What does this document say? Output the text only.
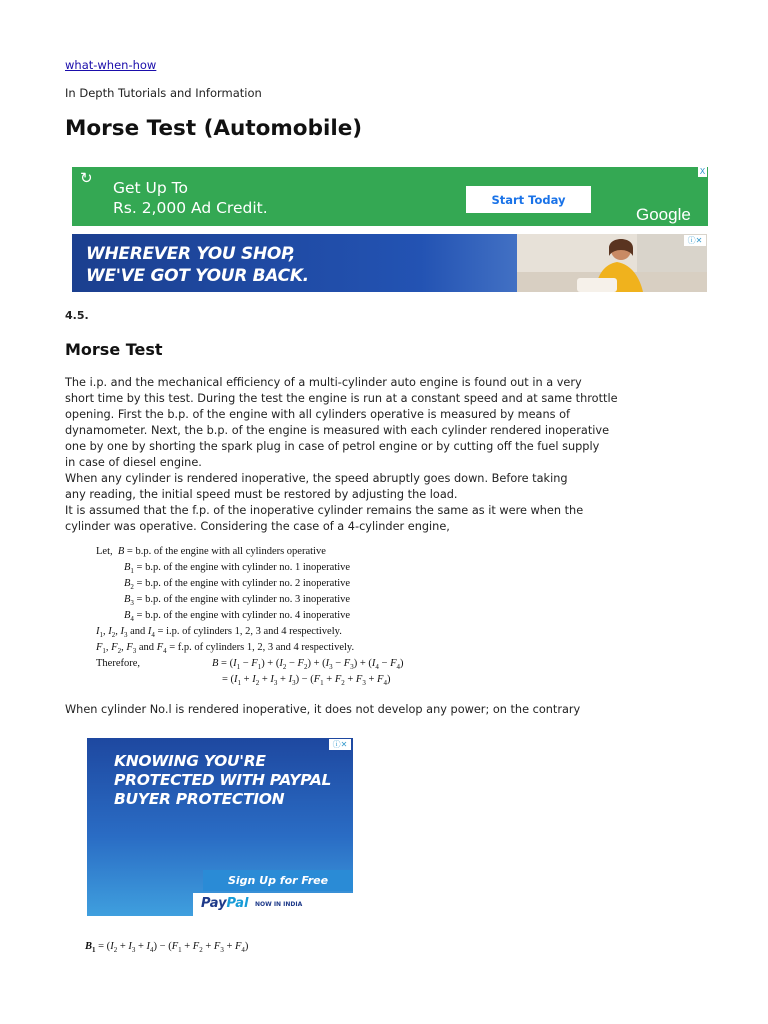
what-when-how
In Depth Tutorials and Information
Morse Test (Automobile)
↻
Get Up To
Rs. 2,000 Ad Credit.	Start Today
Google
X
WHEREVER YOU SHOP,
WE'VE GOT YOUR BACK.
ⓘ✕
4.5.
Morse Test

The i.p. and the mechanical efficiency of a multi-cylinder auto engine is found out in a very
short time by this test. During the test the engine is run at a constant speed and at same throttle
opening. First the b.p. of the engine with all cylinders operative is measured by means of
dynamometer. Next, the b.p. of the engine is measured with each cylinder rendered inoperative
one by one by shorting the spark plug in case of petrol engine or by cutting off the fuel supply
in case of diesel engine.
When any cylinder is rendered inoperative, the speed abruptly goes down. Before taking
any reading, the initial speed must be restored by adjusting the load.
It is assumed that the f.p. of the inoperative cylinder remains the same as it were when the
cylinder was operative. Considering the case of a 4-cylinder engine,

Let, B = b.p. of the engine with all cylinders operative
$B_1 = b.p$. of the engine with cylinder no. 1 inoperative
$B_2 = b.p$. of the engine with cylinder no. 2 inoperative
$B_3 = b.p$. of the engine with cylinder no. 3 inoperative
$B_4 = b.p$. of the engine with cylinder no. 4 inoperative
$I_1$, $I_2$, $I_3$ and $I_4 = i.p$. of cylinders 1, 2, 3 and 4 respectively.
$F_1$, $F_2$, $F_3$ and $F_4 = f.p$. of cylinders 1, 2, 3 and 4 respectively.
Therefore,	$B = (I_1 - F_1) + (I_2 - F_2) + (I_3 - F_3) + (I_4 - F_4)$
= $(I_1 + I_2 + I_3 + I_3) - (F_1 + F_2 + F_3 + F_4)$

When cylinder No.l is rendered inoperative, it does not develop any power; on the contrary

KNOWING YOU'RE
PROTECTED WITH PAYPAL
BUYER PROTECTION
Sign Up for Free
PayPal NOW IN INDIA
ⓘ✕
$B_1 = (I_2 + I_3 + I_4) - (F_1 + F_2 + F_3 + F_4)$
